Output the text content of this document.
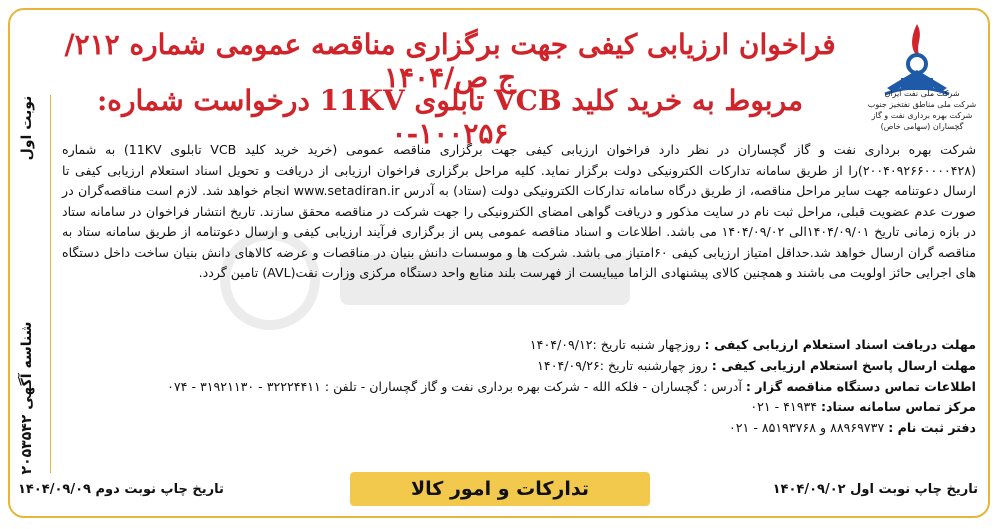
نوبت اول
شناسه آگهی ۲۰۵۳۵۴۲
شرکت ملی نفت ایران
شرکت ملی مناطق نفتخیز جنوب
شرکت بهره برداری نفت و گاز گچساران (سهامی خاص)
فراخوان ارزیابی کیفی جهت برگزاری مناقصه عمومی شماره ۲۱۲/ج ص/۱۴۰۴
مربوط به خرید کلید VCB تابلوی 11KV درخواست شماره: ۱۰۰۲۵۶-۰

شرکت بهره برداری نفت و گاز گچساران در نظر دارد فراخوان ارزیابی کیفی جهت برگزاری مناقصه عمومی (خرید خرید کلید VCB تابلوی 11KV) به شماره (۲۰۰۴۰۹۲۶۶۰۰۰۰۴۲۸)را از طریق سامانه تدارکات الکترونیکی دولت برگزار نماید. کلیه مراحل برگزاری فراخوان ارزیابی از دریافت و تحویل اسناد استعلام ارزیابی کیفی تا ارسال دعوتنامه جهت سایر مراحل مناقصه، از طریق درگاه سامانه تدارکات الکترونیکی دولت (ستاد) به آدرس www.setadiran.ir انجام خواهد شد. لازم است مناقصه‌گران در صورت عدم عضویت قبلی، مراحل ثبت نام در سایت مذکور و دریافت گواهی امضای الکترونیکی را جهت شرکت در مناقصه محقق سازند. تاریخ انتشار فراخوان در سامانه ستاد در بازه زمانی تاریخ ۱۴۰۴/۰۹/۰۱الی ۱۴۰۴/۰۹/۰۲ می باشد. اطلاعات و اسناد مناقصه عمومی پس از برگزاری فرآیند ارزیابی کیفی و ارسال دعوتنامه از طریق سامانه ستاد به مناقصه گران ارسال خواهد شد.حداقل امتیاز ارزیابی کیفی ۶۰امتیاز می باشد. شرکت ها و موسسات دانش بنیان در مناقصات و عرضه کالاهای دانش بنیان ساخت داخل دستگاه های اجرایی حائز اولویت می باشند و همچنین کالای پیشنهادی الزاما میبایست از فهرست بلند منابع واحد دستگاه مرکزی وزارت نفت(AVL) تامین گردد.

مهلت دریافت اسناد استعلام ارزیابی کیفی : روزچهار شنبه تاریخ :۱۴۰۴/۰۹/۱۲
مهلت ارسال پاسخ استعلام ارزیابی کیفی : روز چهارشنبه تاریخ :۱۴۰۴/۰۹/۲۶
اطلاعات تماس دستگاه مناقصه گزار : آدرس : گچساران - فلکه الله - شرکت بهره برداری نفت و گاز گچساران - تلفن : ۳۲۲۲۴۴۱۱ - ۳۱۹۲۱۱۳۰ - ۰۷۴
مرکز تماس سامانه ستاد: ۴۱۹۳۴ - ۰۲۱
دفتر ثبت نام : ۸۸۹۶۹۷۳۷ و ۸۵۱۹۳۷۶۸ - ۰۲۱
تاریخ چاپ نوبت اول ۱۴۰۴/۰۹/۰۲
تدارکات و امور کالا
تاریخ چاپ نوبت دوم ۱۴۰۴/۰۹/۰۹
